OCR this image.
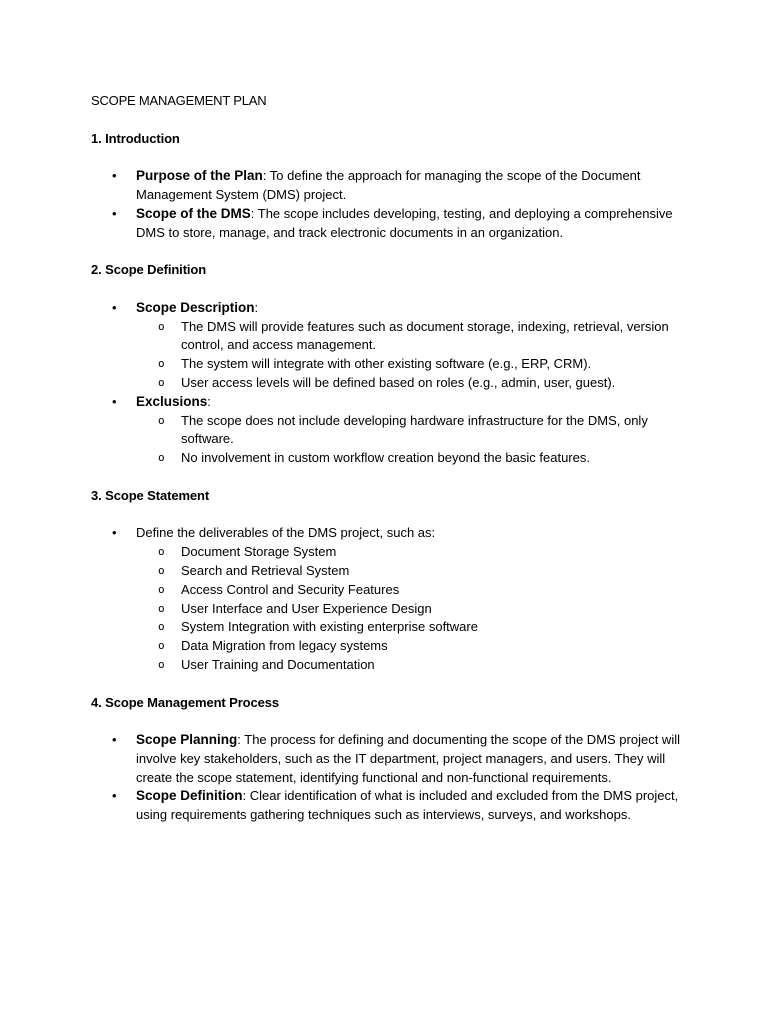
SCOPE MANAGEMENT PLAN
1. Introduction
• Purpose of the Plan: To define the approach for managing the scope of the Document Management System (DMS) project.
• Scope of the DMS: The scope includes developing, testing, and deploying a comprehensive DMS to store, manage, and track electronic documents in an organization.
2. Scope Definition
• Scope Description:
o The DMS will provide features such as document storage, indexing, retrieval, version control, and access management.
o The system will integrate with other existing software (e.g., ERP, CRM).
o User access levels will be defined based on roles (e.g., admin, user, guest).
• Exclusions:
o The scope does not include developing hardware infrastructure for the DMS, only software.
o No involvement in custom workflow creation beyond the basic features.
3. Scope Statement
• Define the deliverables of the DMS project, such as:
o Document Storage System
o Search and Retrieval System
o Access Control and Security Features
o User Interface and User Experience Design
o System Integration with existing enterprise software
o Data Migration from legacy systems
o User Training and Documentation
4. Scope Management Process
• Scope Planning: The process for defining and documenting the scope of the DMS project will involve key stakeholders, such as the IT department, project managers, and users. They will create the scope statement, identifying functional and non-functional requirements.
• Scope Definition: Clear identification of what is included and excluded from the DMS project, using requirements gathering techniques such as interviews, surveys, and workshops.
